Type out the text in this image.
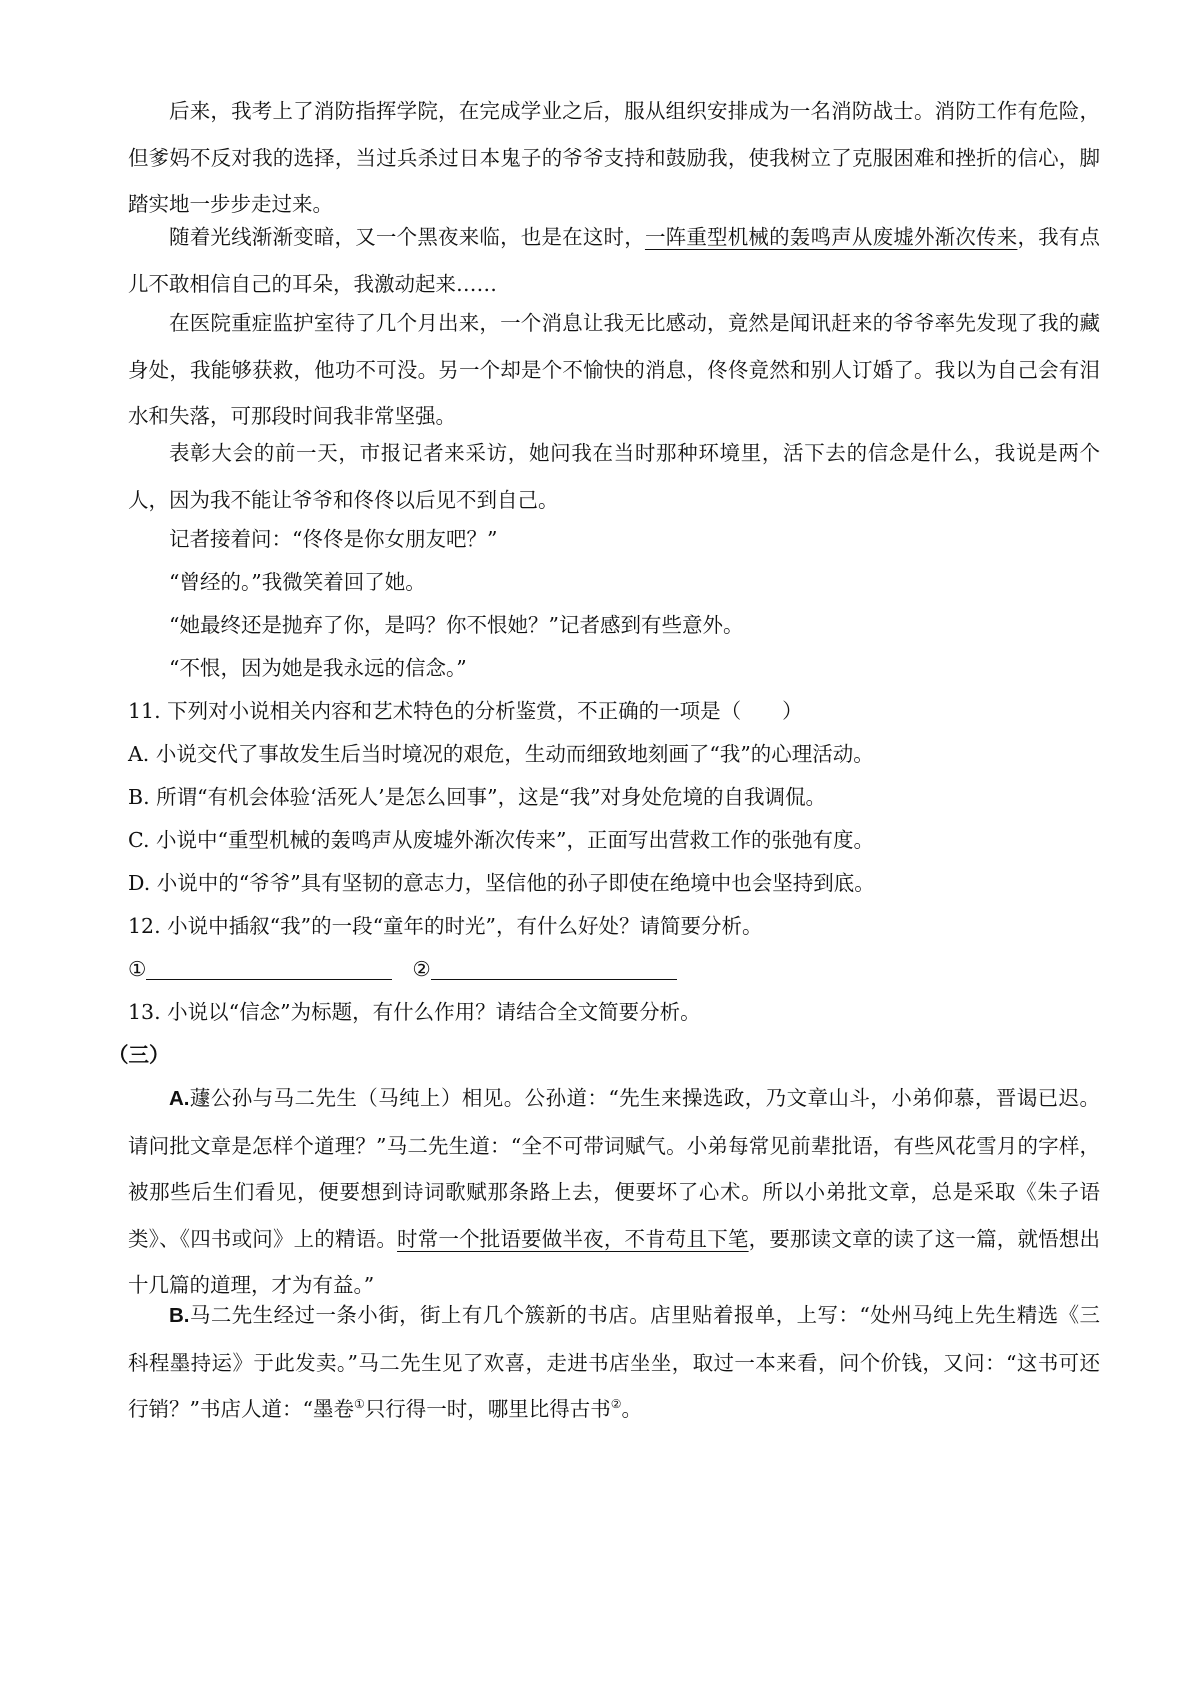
后来，我考上了消防指挥学院，在完成学业之后，服从组织安排成为一名消防战士。消防工作有危险，但爹妈不反对我的选择，当过兵杀过日本鬼子的爷爷支持和鼓励我，使我树立了克服困难和挫折的信心，脚踏实地一步步走过来。

随着光线渐渐变暗，又一个黑夜来临，也是在这时，一阵重型机械的轰鸣声从废墟外渐次传来，我有点儿不敢相信自己的耳朵，我激动起来……

在医院重症监护室待了几个月出来，一个消息让我无比感动，竟然是闻讯赶来的爷爷率先发现了我的藏身处，我能够获救，他功不可没。另一个却是个不愉快的消息，佟佟竟然和别人订婚了。我以为自己会有泪水和失落，可那段时间我非常坚强。

表彰大会的前一天，市报记者来采访，她问我在当时那种环境里，活下去的信念是什么，我说是两个人，因为我不能让爷爷和佟佟以后见不到自己。

记者接着问：“佟佟是你女朋友吧？”

“曾经的。”我微笑着回了她。

“她最终还是抛弃了你，是吗？你不恨她？”记者感到有些意外。

“不恨，因为她是我永远的信念。”

11. 下列对小说相关内容和艺术特色的分析鉴赏，不正确的一项是（　　）

A. 小说交代了事故发生后当时境况的艰危，生动而细致地刻画了“我”的心理活动。

B. 所谓“有机会体验‘活死人’是怎么回事”，这是“我”对身处危境的自我调侃。

C. 小说中“重型机械的轰鸣声从废墟外渐次传来”，正面写出营救工作的张弛有度。

D. 小说中的“爷爷”具有坚韧的意志力，坚信他的孙子即使在绝境中也会坚持到底。

12. 小说中插叙“我”的一段“童年的时光”，有什么好处？请简要分析。

①	②

13. 小说以“信念”为标题，有什么作用？请结合全文简要分析。

（三）

A.蘧公孙与马二先生（马纯上）相见。公孙道：“先生来操选政，乃文章山斗，小弟仰慕，晋谒已迟。请问批文章是怎样个道理？”马二先生道：“全不可带词赋气。小弟每常见前辈批语，有些风花雪月的字样，被那些后生们看见，便要想到诗词歌赋那条路上去，便要坏了心术。所以小弟批文章，总是采取《朱子语类》、《四书或问》上的精语。时常一个批语要做半夜，不肯苟且下笔，要那读文章的读了这一篇，就悟想出十几篇的道理，才为有益。”

B.马二先生经过一条小街，街上有几个簇新的书店。店里贴着报单，上写：“处州马纯上先生精选《三科程墨持运》于此发卖。”马二先生见了欢喜，走进书店坐坐，取过一本来看，问个价钱，又问：“这书可还行销？”书店人道：“墨卷①只行得一时，哪里比得古书②。
